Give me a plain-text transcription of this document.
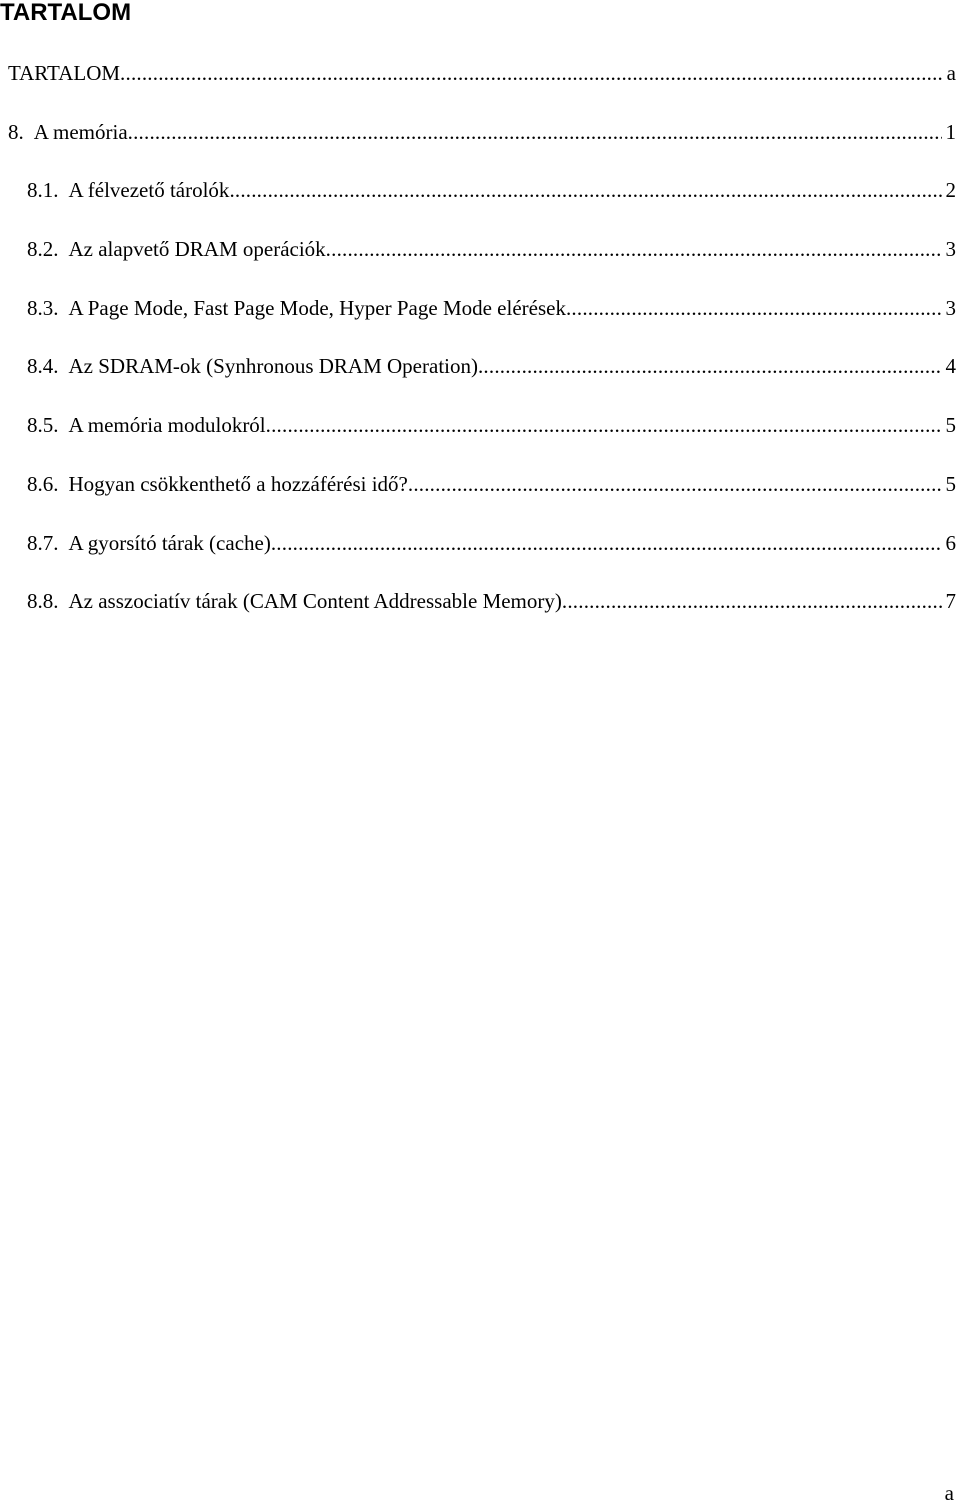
TARTALOM
TARTALOM .....	a
8. A memória .....	1
8.1. A félvezető tárolók .....	2
8.2. Az alapvető DRAM operációk .....	3
8.3. A Page Mode, Fast Page Mode, Hyper Page Mode elérések .....	3
8.4. Az SDRAM-ok (Synhronous DRAM Operation) .....	4
8.5. A memória modulokról .....	5
8.6. Hogyan csökkenthető a hozzáférési idő? .....	5
8.7. A gyorsító tárak (cache) .....	6
8.8. Az asszociatív tárak (CAM Content Addressable Memory) .....	7
a
